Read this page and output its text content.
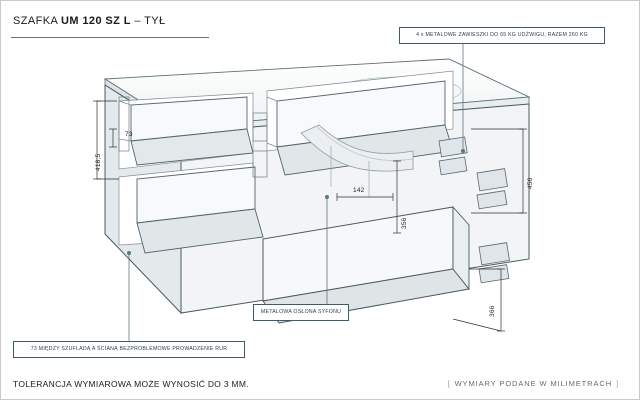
SZAFKA UM 120 SZ L – TYŁ
73
418,5
142
356
456
366
4 x METALOWE ZAWIESZKI DO 65 KG UDŹWIGU, RAZEM 260 KG
METALOWA OSŁONA SYFONU
73 MIĘDZY SZUFLADĄ A ŚCIANĄ BEZPROBLEMOWE PROWADZENIE RUR
TOLERANCJA WYMIAROWA MOŻE WYNOSIĆ DO 3 MM.	[ WYMIARY PODANE W MILIMETRACH ]
